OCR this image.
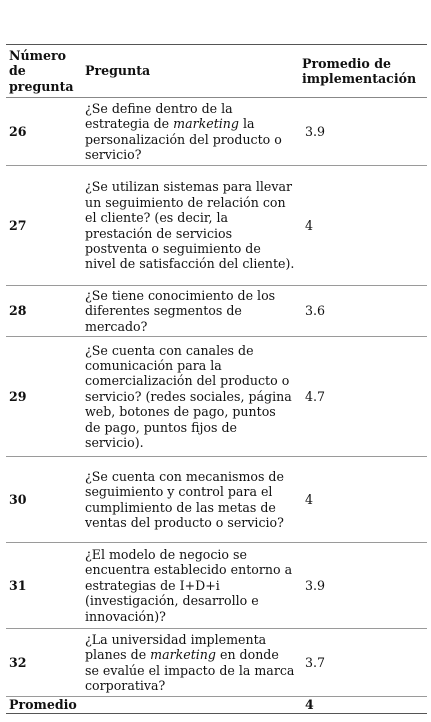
Número de pregunta	Pregunta	Promedio de implementación
26	¿Se define dentro de la estrategia de marketing la personalización del producto o servicio?	3.9
27	¿Se utilizan sistemas para llevar un seguimiento de relación con el cliente? (es decir, la prestación de servicios postventa o seguimiento de nivel de satisfacción del cliente).	4
28	¿Se tiene conocimiento de los diferentes segmentos de mercado?	3.6
29	¿Se cuenta con canales de comunicación para la comercialización del producto o servicio? (redes sociales, página web, botones de pago, puntos de pago, puntos fijos de servicio).	4.7
30	¿Se cuenta con mecanismos de seguimiento y control para el cumplimiento de las metas de ventas del producto o servicio?	4
31	¿El modelo de negocio se encuentra establecido entorno a estrategias de I+D+i (investigación, desarrollo e innovación)?	3.9
32	¿La universidad implementa planes de marketing en donde se evalúe el impacto de la marca corporativa?	3.7
Promedio		4
